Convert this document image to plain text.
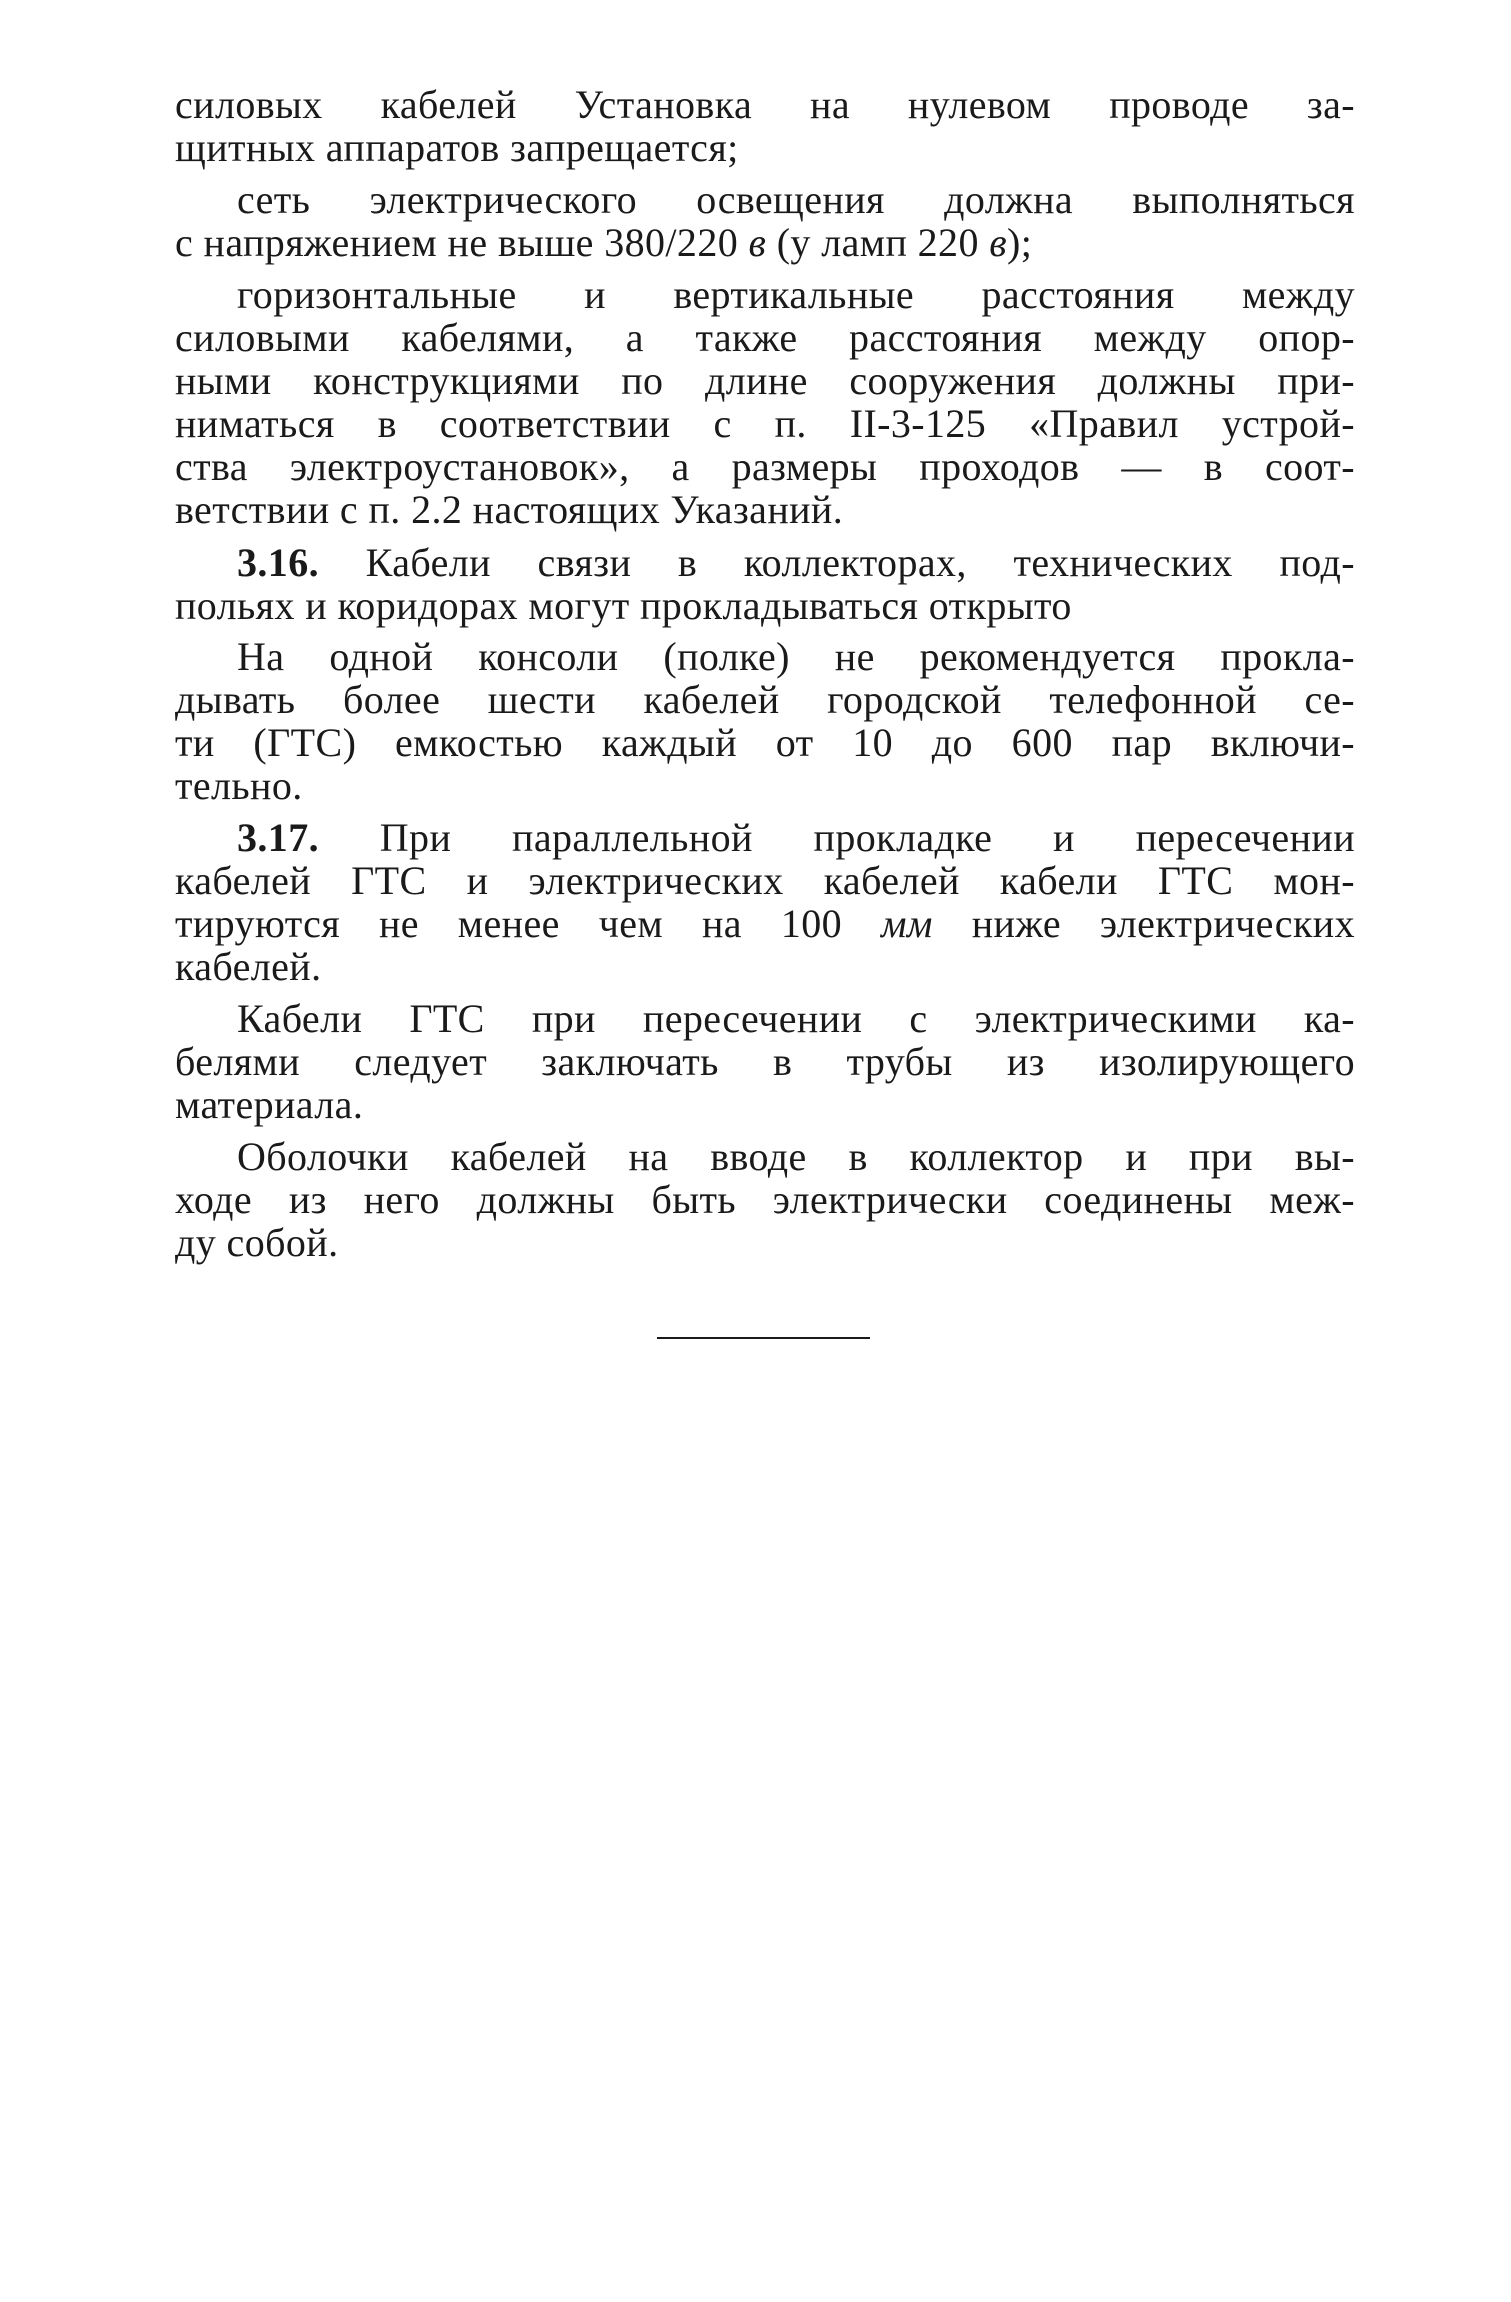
силовых кабелей Установка на нулевом проводе за-
щитных аппаратов запрещается;
сеть электрического освещения должна выполняться
с напряжением не выше 380/220 в (у ламп 220 в);
горизонтальные и вертикальные расстояния между
силовыми кабелями, а также расстояния между опор-
ными конструкциями по длине сооружения должны при-
ниматься в соответствии с п. II-3-125 «Правил устрой-
ства электроустановок», а размеры проходов — в соот-
ветствии с п. 2.2 настоящих Указаний.
3.16. Кабели связи в коллекторах, технических под-
польях и коридорах могут прокладываться открыто
На одной консоли (полке) не рекомендуется прокла-
дывать более шести кабелей городской телефонной се-
ти (ГТС) емкостью каждый от 10 до 600 пар включи-
тельно.
3.17. При параллельной прокладке и пересечении
кабелей ГТС и электрических кабелей кабели ГТС мон-
тируются не менее чем на 100 мм ниже электрических
кабелей.
Кабели ГТС при пересечении с электрическими ка-
белями следует заключать в трубы из изолирующего
материала.
Оболочки кабелей на вводе в коллектор и при вы-
ходе из него должны быть электрически соединены меж-
ду собой.
